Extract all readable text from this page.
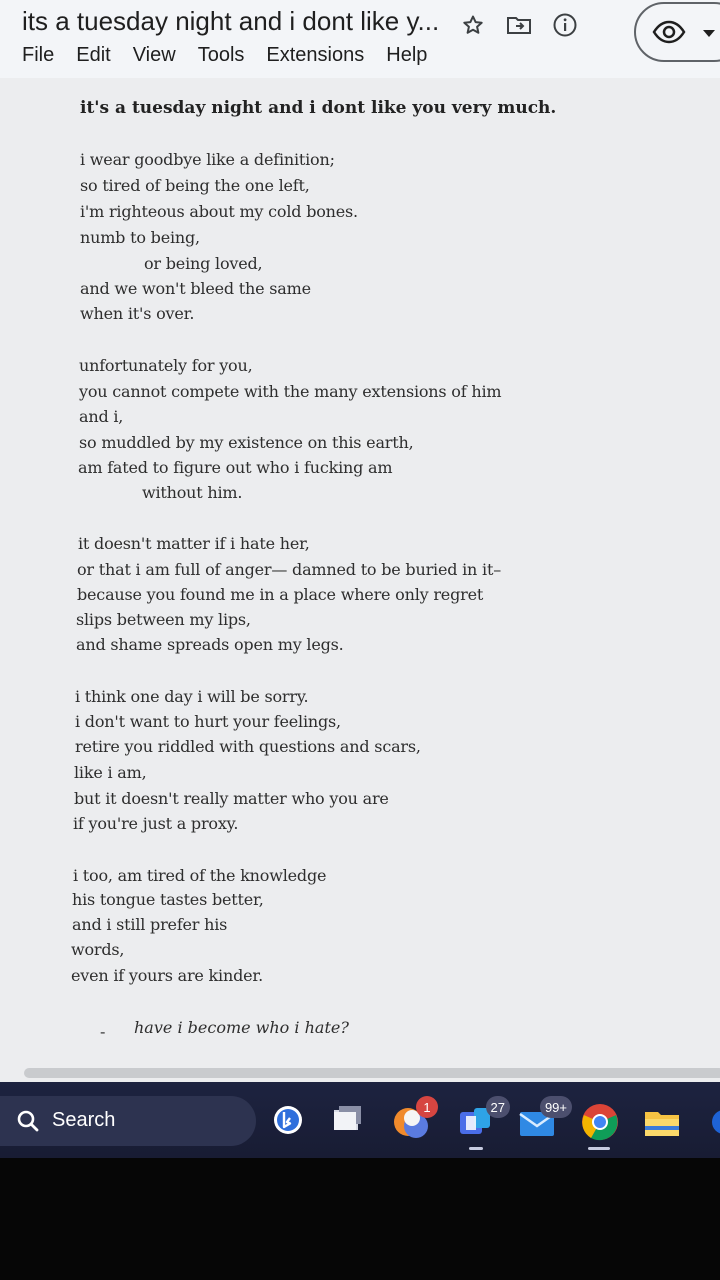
its a tuesday night and i dont like y...
File Edit View Tools Extensions Help
it's a tuesday night and i dont like you very much.
i wear goodbye like a definition;
so tired of being the one left,
i'm righteous about my cold bones.
numb to being,
or being loved,
and we won't bleed the same
when it's over.
unfortunately for you,
you cannot compete with the many extensions of him
and i,
so muddled by my existence on this earth,
am fated to figure out who i fucking am
without him.
it doesn't matter if i hate her,
or that i am full of anger— damned to be buried in it–
because you found me in a place where only regret
slips between my lips,
and shame spreads open my legs.
i think one day i will be sorry.
i don't want to hurt your feelings,
retire you riddled with questions and scars,
like i am,
but it doesn't really matter who you are
if you're just a proxy.
i too, am tired of the knowledge
his tongue tastes better,
and i still prefer his
words,
even if yours are kinder.
- have i become who i hate?
Search
1	27	99+
